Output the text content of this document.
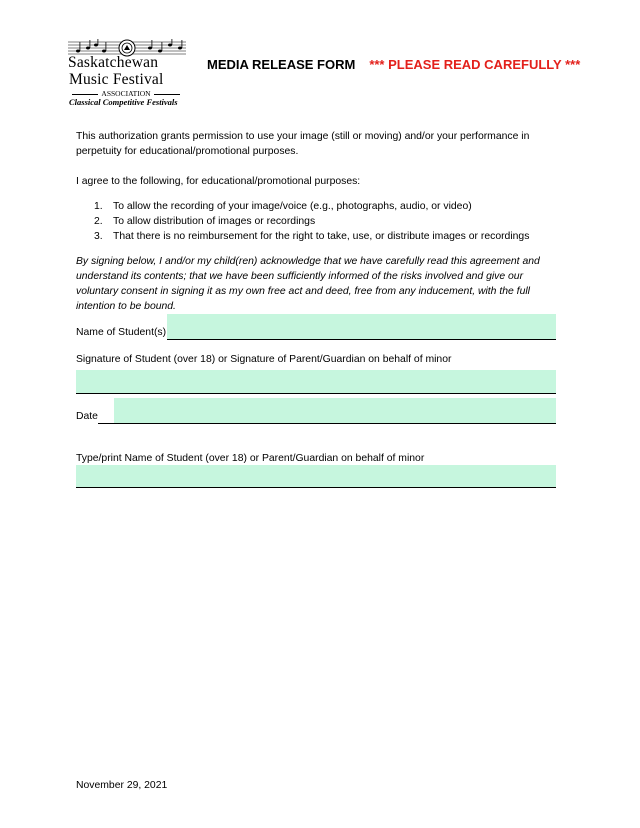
Saskatchewan
Music Festival
ASSOCIATION
Classical Competitive Festivals
MEDIA RELEASE FORM *** PLEASE READ CAREFULLY ***
This authorization grants permission to use your image (still or moving) and/or your performance in perpetuity for educational/promotional purposes.
I agree to the following, for educational/promotional purposes:
1. To allow the recording of your image/voice (e.g., photographs, audio, or video)
2. To allow distribution of images or recordings
3. That there is no reimbursement for the right to take, use, or distribute images or recordings
By signing below, I and/or my child(ren) acknowledge that we have carefully read this agreement and understand its contents; that we have been sufficiently informed of the risks involved and give our voluntary consent in signing it as my own free act and deed, free from any inducement, with the full intention to be bound.
Name of Student(s)
Signature of Student (over 18) or Signature of Parent/Guardian on behalf of minor
Date
Type/print Name of Student (over 18) or Parent/Guardian on behalf of minor
November 29, 2021
